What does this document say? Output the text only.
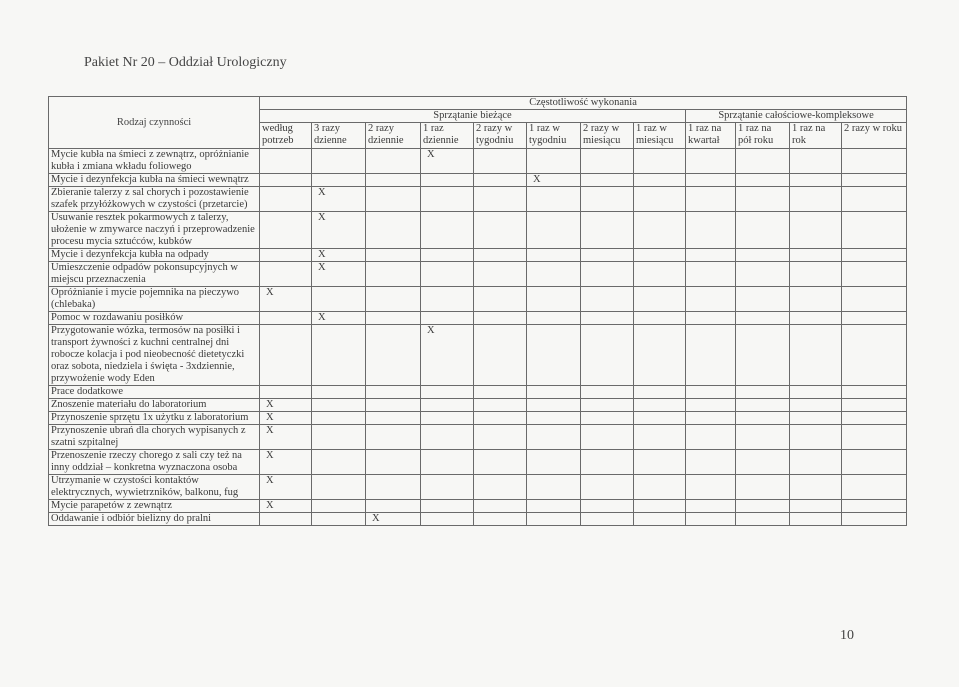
Pakiet Nr 20 – Oddział Urologiczny
Rodzaj czynności	Częstotliwość wykonania											
	Sprzątanie bieżące								Sprzątanie całościowe-kompleksowe			
	według potrzeb	3 razy dzienne	2 razy dziennie	1 raz dziennie	2 razy w tygodniu	1 raz w tygodniu	2 razy w miesiącu	1 raz w miesiącu	1 raz na kwartał	1 raz na pół roku	1 raz na rok	2 razy w roku
Mycie kubła na śmieci z zewnątrz, opróżnianie kubła i zmiana wkładu foliowego				X								
Mycie i dezynfekcja kubła na śmieci wewnątrz						X						
Zbieranie talerzy z sal chorych i pozostawienie szafek przyłóżkowych w czystości (przetarcie)		X										
Usuwanie resztek pokarmowych z talerzy, ułożenie w zmywarce naczyń i przeprowadzenie procesu mycia sztućców, kubków		X										
Mycie i dezynfekcja kubła na odpady		X										
Umieszczenie odpadów pokonsupcyjnych w miejscu przeznaczenia		X										
Opróżnianie i mycie pojemnika na pieczywo (chlebaka)	X											
Pomoc w rozdawaniu posiłków		X										
Przygotowanie wózka, termosów na posiłki i transport żywności z kuchni centralnej dni robocze kolacja i pod nieobecność dietetyczki oraz sobota, niedziela i święta - 3xdziennie, przywożenie wody Eden				X								
Prace dodatkowe												
Znoszenie materiału do laboratorium	X											
Przynoszenie sprzętu 1x użytku z laboratorium	X											
Przynoszenie ubrań dla chorych wypisanych z szatni szpitalnej	X											
Przenoszenie rzeczy chorego z sali czy też na inny oddział – konkretna wyznaczona osoba	X											
Utrzymanie w czystości kontaktów elektrycznych, wywietrzników, balkonu, fug	X											
Mycie parapetów z zewnątrz	X											
Oddawanie i odbiór bielizny do pralni			X									
10
